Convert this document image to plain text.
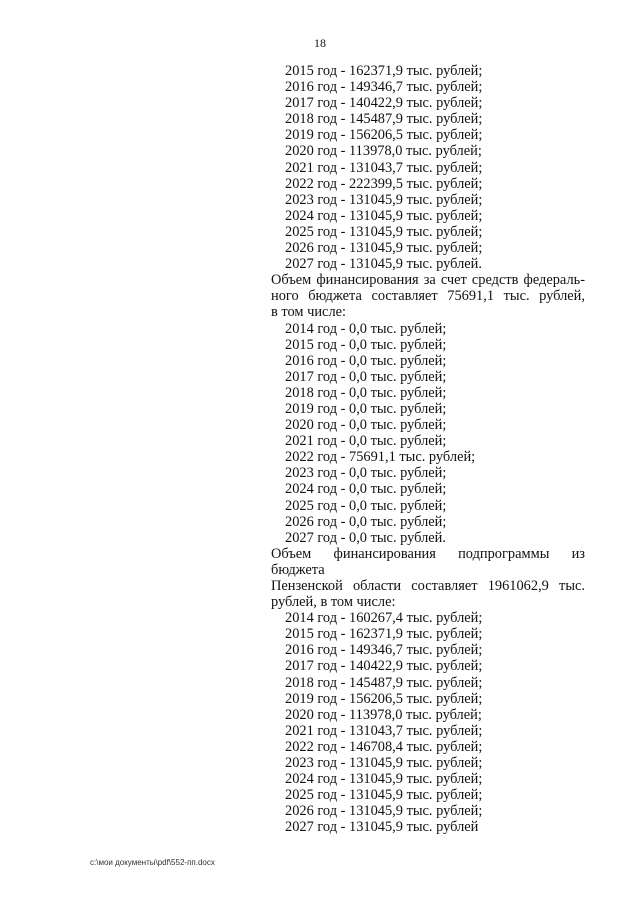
18
2015 год - 162371,9 тыс. рублей;
2016 год - 149346,7 тыс. рублей;
2017 год - 140422,9 тыс. рублей;
2018 год - 145487,9 тыс. рублей;
2019 год - 156206,5 тыс. рублей;
2020 год - 113978,0 тыс. рублей;
2021 год - 131043,7 тыс. рублей;
2022 год - 222399,5 тыс. рублей;
2023 год - 131045,9 тыс. рублей;
2024 год - 131045,9 тыс. рублей;
2025 год - 131045,9 тыс. рублей;
2026 год - 131045,9 тыс. рублей;
2027 год - 131045,9 тыс. рублей.
Объем финансирования за счет средств федераль-
ного бюджета составляет 75691,1 тыс. рублей,
в том числе:
2014 год - 0,0 тыс. рублей;
2015 год - 0,0 тыс. рублей;
2016 год - 0,0 тыс. рублей;
2017 год - 0,0 тыс. рублей;
2018 год - 0,0 тыс. рублей;
2019 год - 0,0 тыс. рублей;
2020 год - 0,0 тыс. рублей;
2021 год - 0,0 тыс. рублей;
2022 год - 75691,1 тыс. рублей;
2023 год - 0,0 тыс. рублей;
2024 год - 0,0 тыс. рублей;
2025 год - 0,0 тыс. рублей;
2026 год - 0,0 тыс. рублей;
2027 год - 0,0 тыс. рублей.
Объем финансирования подпрограммы из бюджета
Пензенской области составляет 1961062,9 тыс.
рублей, в том числе:
2014 год - 160267,4 тыс. рублей;
2015 год - 162371,9 тыс. рублей;
2016 год - 149346,7 тыс. рублей;
2017 год - 140422,9 тыс. рублей;
2018 год - 145487,9 тыс. рублей;
2019 год - 156206,5 тыс. рублей;
2020 год - 113978,0 тыс. рублей;
2021 год - 131043,7 тыс. рублей;
2022 год - 146708,4 тыс. рублей;
2023 год - 131045,9 тыс. рублей;
2024 год - 131045,9 тыс. рублей;
2025 год - 131045,9 тыс. рублей;
2026 год - 131045,9 тыс. рублей;
2027 год - 131045,9 тыс. рублей
c:\мои документы\pdf\552-пп.docx
